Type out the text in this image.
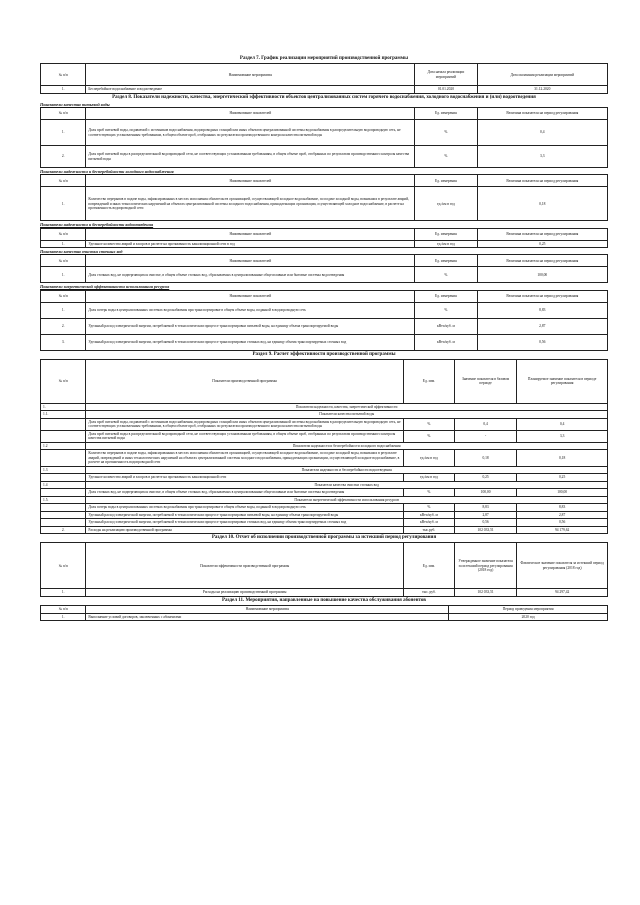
Раздел 7. График реализации мероприятий производственной программы
№ п/п	Наименование мероприятия	Дата начала реализации мероприятий	Дата окончания реализации мероприятий
1.	Бесперебойное водоснабжение и водоотведение	01.01.2020	31.12.2020
Раздел 8. Показатели надежности, качества, энергетической эффективности объектов централизованных систем горячего водоснабжения, холодного водоснабжения и (или) водоотведения
Показатели качества питьевой воды
№ п/п	Наименование показателей	Ед. измерения	Величина показателя на период регулирования
1.	Доля проб питьевой воды, подаваемой с источников водоснабжения, водопроводных станций или иных объектов централизованной системы водоснабжения в распределительную водопроводную сеть, не соответствующих установленным требованиям, в общем объеме проб, отобранных по результатам производственного контроля качества питьевой воды	%	0,4
2.	Доля проб питьевой воды в распределительной водопроводной сети, не соответствующих установленным требованиям, в общем объеме проб, отобранных по результатам производственного контроля качества питьевой воды	%	3,3
Показатели надежности и бесперебойности холодного водоснабжения
№ п/п	Наименование показателей	Ед. измерения	Величина показателя на период регулирования
1.	Количество перерывов в подаче воды, зафиксированных в местах исполнения обязательств организацией, осуществляющей холодное водоснабжение, по подаче холодной воды, возникших в результате аварий, повреждений и иных технологических нарушений на объектах централизованной системы холодного водоснабжения, принадлежащих организации, осуществляющей холодное водоснабжение, в расчете на протяженность водопроводной сети	ед./км в год	0,18
Показатели надежности и бесперебойности водоотведения
№ п/п	Наименование показателей	Ед. измерения	Величина показателя на период регулирования
1.	Удельное количество аварий и засоров в расчете на протяженность канализационной сети в год	ед./км в год	0,25
Показатели качества очистки сточных вод
№ п/п	Наименование показателей	Ед. измерения	Величина показателя на период регулирования
1.	Доля сточных вод, не подвергающихся очистке, в общем объеме сточных вод, сбрасываемых в централизованные общесплавные или бытовые системы водоотведения	%	100,00
Показатели энергетической эффективности использования ресурсов
№ п/п	Наименование показателей	Ед. измерения	Величина показателя на период регулирования
1.	Доля потерь воды в централизованных системах водоснабжения при транспортировке в общем объеме воды, поданной в водопроводную сеть	%	8,83
2.	Удельный расход электрической энергии, потребляемой в технологическом процессе транспортировки питьевой воды, на единицу объема транспортируемой воды	кВтч/куб. м	2,87
3.	Удельный расход электрической энергии, потребляемой в технологическом процессе транспортировки сточных вод, на единицу объема транспортируемых сточных вод	кВтч/куб. м	0,56
Раздел 9. Расчет эффективности производственной программы
№ п/п	Показатели производственной программы	Ед. изм.	Значение показателя в базовом периоде	Планируемое значение показателя в периоде регулирования
1.	Показатели надежности, качества, энергетической эффективности			
1.1.	Показатели качества питьевой воды			
	Доля проб питьевой воды, подаваемой с источников водоснабжения, водопроводных станций или иных объектов централизованной системы водоснабжения в распределительную водопроводную сеть, не соответствующих установленным требованиям, в общем объеме проб, отобранных по результатам производственного контроля качества питьевой воды	%	0,4	0,4
	Доля проб питьевой воды в распределительной водопроводной сети, не соответствующих установленным требованиям, в общем объеме проб, отобранных по результатам производственного контроля качества питьевой воды	%	-	3,3
1.2	Показатели надежности и бесперебойности холодного водоснабжения			
	Количество перерывов в подаче воды, зафиксированных в местах исполнения обязательств организацией, осуществляющей холодное водоснабжение, по подаче холодной воды, возникших в результате аварий, повреждений и иных технологических нарушений на объектах централизованной системы холодного водоснабжения, принадлежащих организации, осуществляющей холодное водоснабжение, в расчете на протяженность водопроводной сети	ед./км в год	0,18	0,18
1.3	Показатели надежности и бесперебойности водоотведения			
	Удельное количество аварий и засоров в расчете на протяженность канализационной сети	ед./км в год	0,25	0,25
1.4	Показатели качества очистки сточных вод			
	Доля сточных вод, не подвергающихся очистке, в общем объеме сточных вод, сбрасываемых в централизованные общесплавные или бытовые системы водоотведения	%	100,00	100,00
1.5.	Показатели энергетической эффективности использования ресурсов			
	Доля потерь воды в централизованных системах водоснабжения при транспортировке в общем объеме воды, поданной в водопроводную сеть	%	8,83	8,83
	Удельный расход электрической энергии, потребляемой в технологическом процессе транспортировки питьевой воды, на единицу объема транспортируемой воды	кВтч/куб. м	2,87	2,87
	Удельный расход электрической энергии, потребляемой в технологическом процессе транспортировки сточных вод, на единицу объема транспортируемых сточных вод	кВтч/куб. м	0,56	0,56
2.	Расходы на реализацию производственной программы	тыс.руб.	102 033,51	94 179,62
Раздел 10. Отчет об исполнении производственной программы за истекший период регулирования
№ п/п	Показатели эффективности производственной программы	Ед. изм.	Утвержденное значение показателя за истекший период регулирования (2018 год)	Фактическое значение показателя за истекший период регулирования (2018 год)
1.	Расходы на реализацию производственной программы	тыс. руб.	102 033,51	94 297,42
Раздел 11. Мероприятия, направленные на повышение качества обслуживания абонентов
№ п/п	Наименование мероприятия	Период проведения мероприятия
1.	Выполнение условий договоров, заключенных с абонентами	2020 год
